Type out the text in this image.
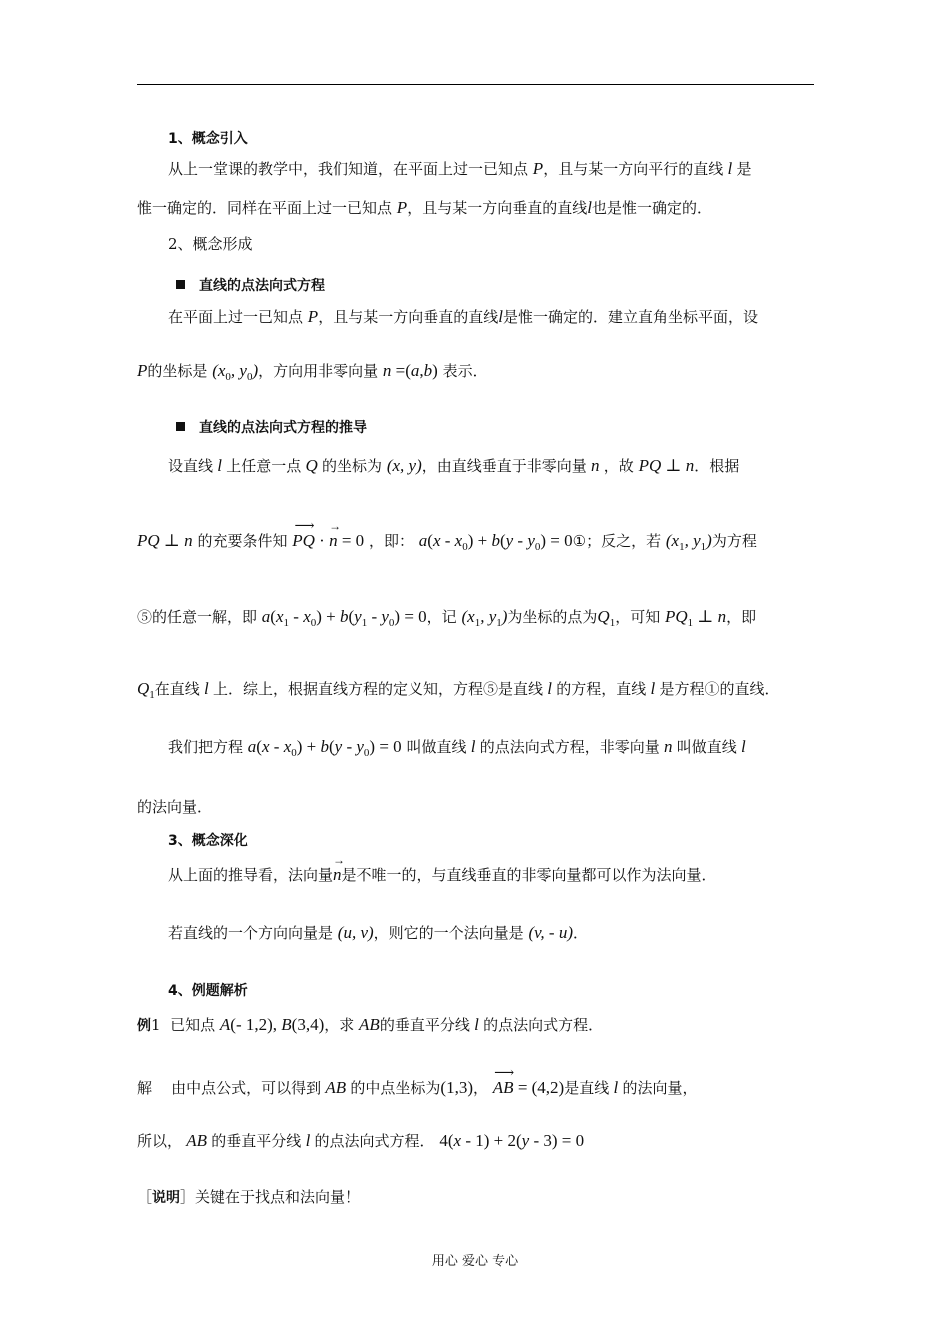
1、概念引入
从上一堂课的教学中，我们知道，在平面上过一已知点 P，且与某一方向平行的直线 l 是
惟一确定的．同样在平面上过一已知点 P，且与某一方向垂直的直线l也是惟一确定的．
2、概念形成
直线的点法向式方程
在平面上过一已知点 P，且与某一方向垂直的直线l是惟一确定的．建立直角坐标平面，设
P的坐标是 ($x_0$, $y_0$)，方向用非零向量 n =(a,b) 表示．
直线的点法向式方程的推导
设直线 l 上任意一点 Q 的坐标为 (x, y)，由直线垂直于非零向量 n ，故 PQ ⊥ n．根据
PQ ⊥ n 的充要条件知 ⟶ PQ · → n = 0 ，即： $a(x - x_0) + b(y - y_0)$ = 0①；反之，若 ($x_1$, $y_1$)为方程
⑤的任意一解，即 $a(x_1 - x_0) + b(y_1 - y_0) = 0$，记 ($x_1$, $y_1$)为坐标的点为$Q_1$，可知 $PQ_1$ ⊥ n，即
$Q_1$在直线 l 上．综上，根据直线方程的定义知，方程⑤是直线 l 的方程，直线 l 是方程①的直线．
我们把方程 $a(x - x_0) + b(y - y_0) = 0$ 叫做直线 l 的点法向式方程，非零向量 n 叫做直线 l
的法向量．
3、概念深化
从上面的推导看，法向量→ n是不唯一的，与直线垂直的非零向量都可以作为法向量．
若直线的一个方向向量是 (u, v)，则它的一个法向量是 (v, - u)．
4、例题解析
例1 已知点 A(- 1,2), B(3,4)，求 AB的垂直平分线 l 的点法向式方程．
解 由中点公式，可以得到 AB 的中点坐标为(1,3)， ⟶ AB = (4,2)是直线 l 的法向量，
所以， AB 的垂直平分线 l 的点法向式方程． 4(x - 1) + 2(y - 3) = 0
［说明］关键在于找点和法向量！
用心 爱心 专心
